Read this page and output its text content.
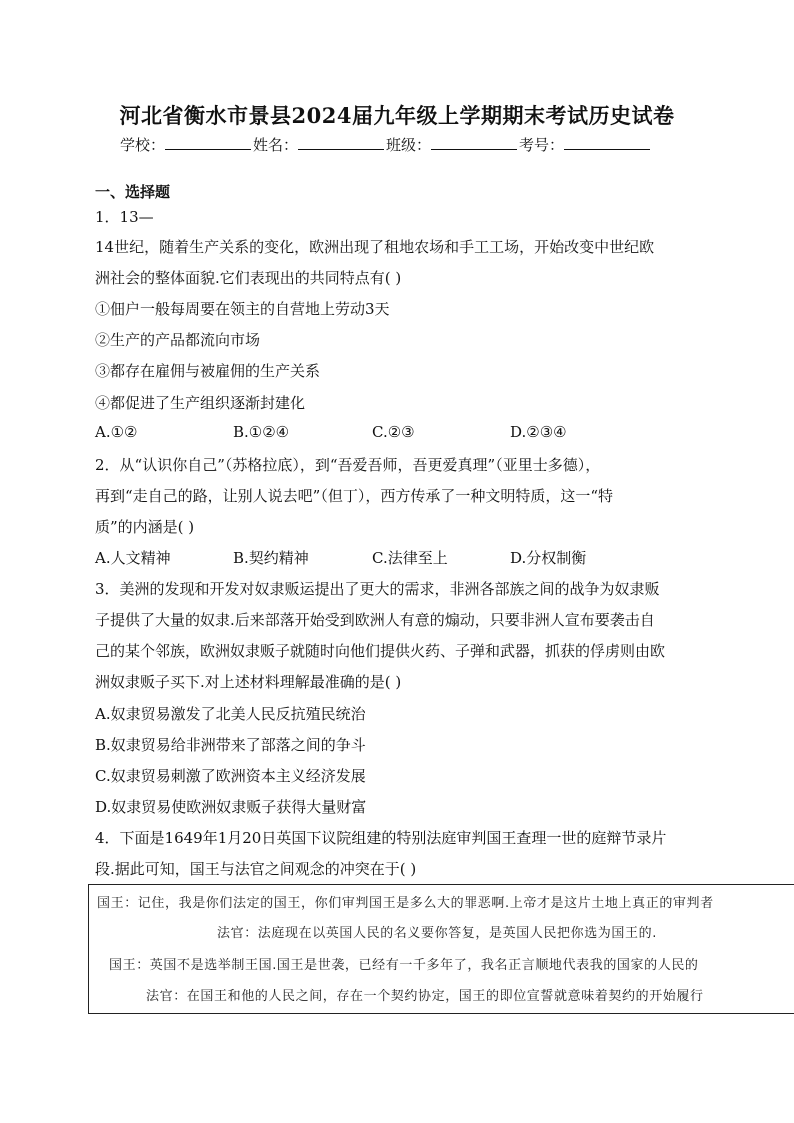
河北省衡水市景县2024届九年级上学期期末考试历史试卷
学校：	姓名：	班级：	考号：
一、选择题
1．13—
14世纪，随着生产关系的变化，欧洲出现了租地农场和手工工场，开始改变中世纪欧
洲社会的整体面貌.它们表现出的共同特点有( )
①佃户一般每周要在领主的自营地上劳动3天
②生产的产品都流向市场
③都存在雇佣与被雇佣的生产关系
④都促进了生产组织逐渐封建化
A.①②	B.①②④	C.②③	D.②③④
2．从“认识你自己”（苏格拉底），到“吾爱吾师，吾更爱真理”（亚里士多德），
再到“走自己的路，让别人说去吧”（但丁），西方传承了一种文明特质，这一“特
质”的内涵是( )
A.人文精神	B.契约精神	C.法律至上	D.分权制衡
3．美洲的发现和开发对奴隶贩运提出了更大的需求，非洲各部族之间的战争为奴隶贩
子提供了大量的奴隶.后来部落开始受到欧洲人有意的煽动，只要非洲人宣布要袭击自
己的某个邻族，欧洲奴隶贩子就随时向他们提供火药、子弹和武器，抓获的俘虏则由欧
洲奴隶贩子买下.对上述材料理解最准确的是( )
A.奴隶贸易激发了北美人民反抗殖民统治
B.奴隶贸易给非洲带来了部落之间的争斗
C.奴隶贸易刺激了欧洲资本主义经济发展
D.奴隶贸易使欧洲奴隶贩子获得大量财富
4．下面是1649年1月20日英国下议院组建的特别法庭审判国王查理一世的庭辩节录片
段.据此可知，国王与法官之间观念的冲突在于( )
国王：记住，我是你们法定的国王，你们审判国王是多么大的罪恶啊.上帝才是这片土地上真正的审判者
法官：法庭现在以英国人民的名义要你答复，是英国人民把你选为国王的.
国王：英国不是选举制王国.国王是世袭，已经有一千多年了，我名正言顺地代表我的国家的人民的
法官：在国王和他的人民之间，存在一个契约协定，国王的即位宣誓就意味着契约的开始履行
